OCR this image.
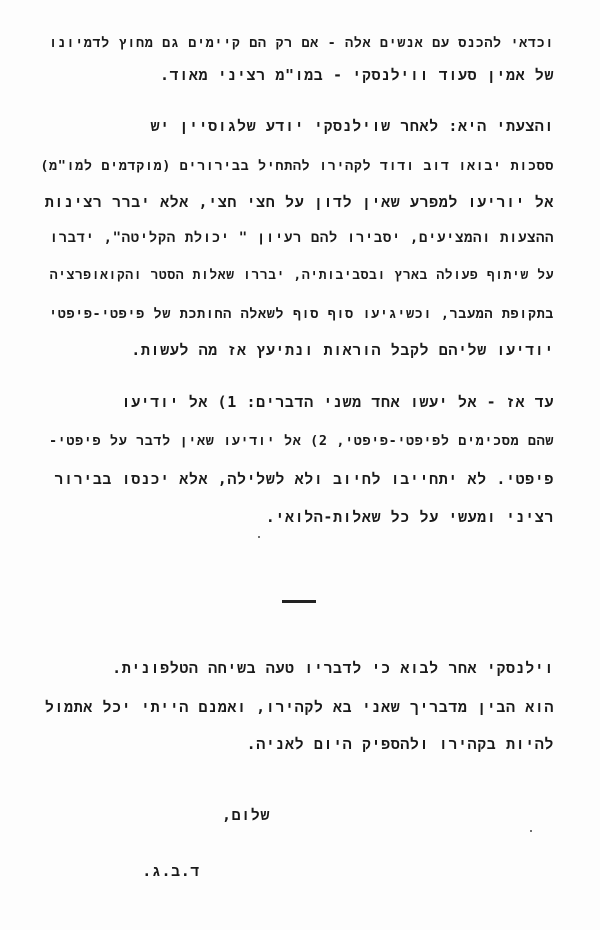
וכדאי להכנס עם אנשים אלה - אם רק הם קיימים גם מחוץ לדמיונו
של אמין סעוד ווילנסקי - במו"מ רציני מאוד.
והצעתי היא: לאחר שוילנסקי יודע שלגוסיין יש
ססכות יבואו דוב ודוד לקהירו להתחיל בבירורים (מוקדמים למו"מ)
אל יוריעו למפרע שאין לדון על חצי חצי, אלא יברר רצינות
ההצעות והמציעים, יסבירו להם רעיון " יכולת הקליטה", ידברו
על שיתוף פעולה בארץ ובסביבותיה, יבררו שאלות הסטר והקואופרציה
בתקופת המעבר, וכשיגיעו סוף סוף לשאלה החותכת של פיפטי-פיפטי
יודיעו שליהם לקבל הוראות ונתיעץ אז מה לעשות.
עד אז - אל יעשו אחד משני הדברים: 1) אל יודיעו
שהם מסכימים לפיפטי-פיפטי, 2) אל יודיעו שאין לדבר על פיפטי-
פיפטי. לא יתחייבו לחיוב ולא לשלילה, אלא יכנסו בבירור
רציני ומעשי על כל שאלות-הלואי.
וילנסקי אחר לבוא כי לדבריו טעה בשיחה הטלפונית.
הוא הבין מדבריך שאני בא לקהירו, ואמנם הייתי יכל אתמול
להיות בקהירו ולהספיק היום לאניה.
שלום,
ד.ב.ג.
